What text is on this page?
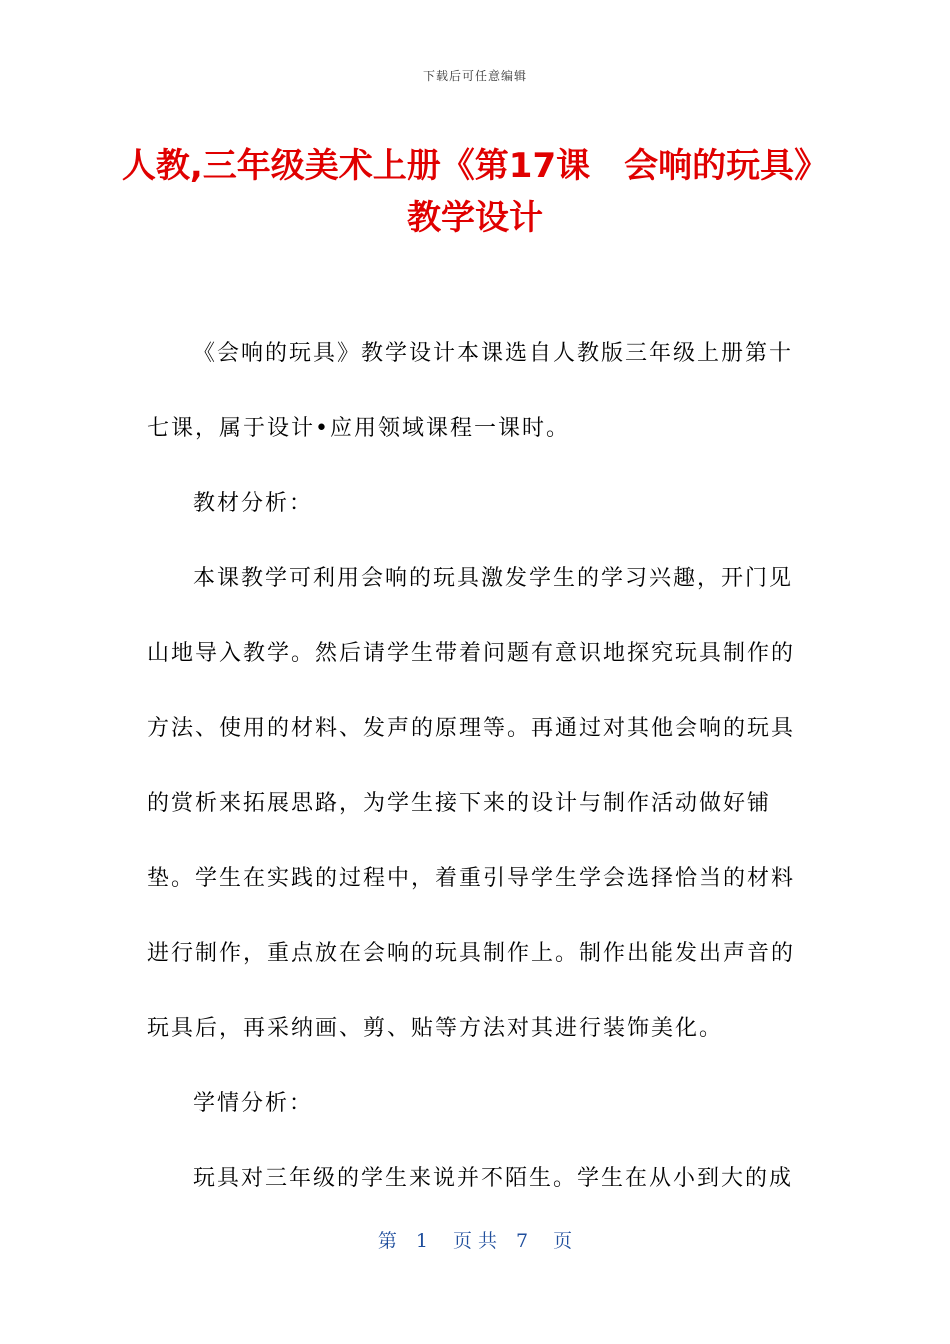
下载后可任意编辑
人教,三年级美术上册《第17课　会响的玩具》教学设计

《会响的玩具》教学设计本课选自人教版三年级上册第十七课，属于设计•应用领域课程一课时。

教材分析：

本课教学可利用会响的玩具激发学生的学习兴趣，开门见山地导入教学。然后请学生带着问题有意识地探究玩具制作的方法、使用的材料、发声的原理等。再通过对其他会响的玩具的赏析来拓展思路，为学生接下来的设计与制作活动做好铺垫。学生在实践的过程中，着重引导学生学会选择恰当的材料进行制作，重点放在会响的玩具制作上。制作出能发出声音的玩具后，再采纳画、剪、贴等方法对其进行装饰美化。

学情分析：

玩具对三年级的学生来说并不陌生。学生在从小到大的成

第　1　 页 共　7　 页
